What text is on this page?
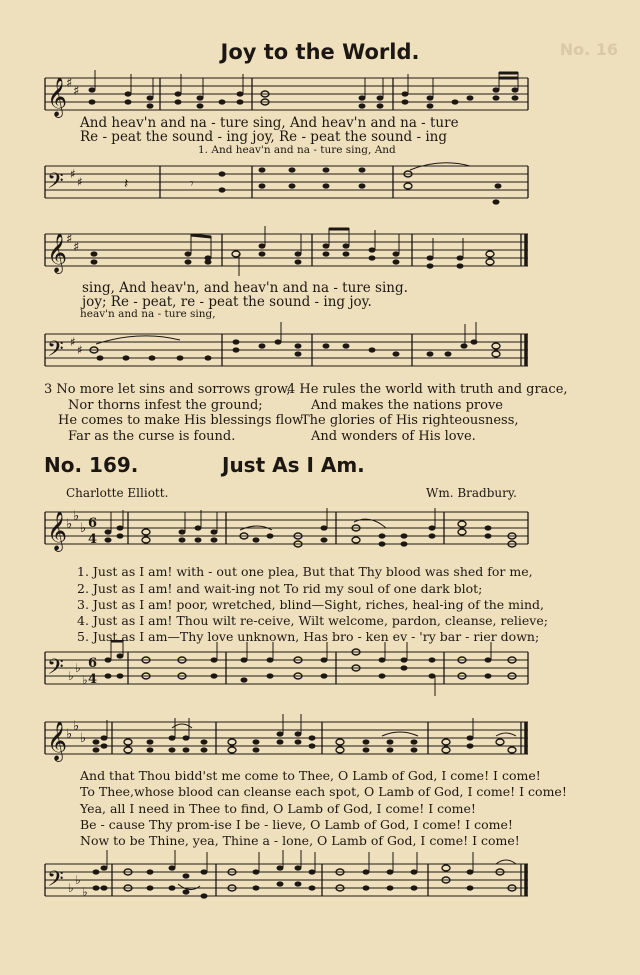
Joy to the World.	No. 16
𝄞
♯
♯
And heav'n and na - ture sing, And heav'n and na - ture
Re - peat the sound - ing joy, Re - peat the sound - ing
1. And heav'n and na - ture sing, And
𝄢 ♯
♯	𝄽	𝄾
𝄞
♯
♯
sing, And heav'n, and heav'n and na - ture sing.
joy; Re - peat, re - peat the sound - ing joy.
heav'n and na - ture sing,
𝄢 ♯
♯
3 No more let sins and sorrows grow,
Nor thorns infest the ground;
He comes to make His blessings flow
Far as the curse is found.
4 He rules the world with truth and grace,
And makes the nations prove
The glories of His righteousness,
And wonders of His love.
No. 169.	Just As I Am.
Charlotte Elliott.	Wm. Bradbury.
𝄞
♭
♭
♭ 6
4
1. Just as I am! with - out one plea, But that Thy blood was shed for me,
2. Just as I am! and wait-ing not To rid my soul of one dark blot;
3. Just as I am! poor, wretched, blind—Sight, riches, heal-ing of the mind,
4. Just as I am! Thou wilt re-ceive, Wilt welcome, pardon, cleanse, relieve;
5. Just as I am—Thy love unknown, Has bro - ken ev - 'ry bar - rier down;
𝄢 ♭
♭
♭
6
4
𝄞
♭
♭
♭
And that Thou bidd'st me come to Thee, O Lamb of God, I come! I come!
To Thee,whose blood can cleanse each spot, O Lamb of God, I come! I come!
Yea, all I need in Thee to find, O Lamb of God, I come! I come!
Be - cause Thy prom-ise I be - lieve, O Lamb of God, I come! I come!
Now to be Thine, yea, Thine a - lone, O Lamb of God, I come! I come!
𝄢 ♭
♭
♭
